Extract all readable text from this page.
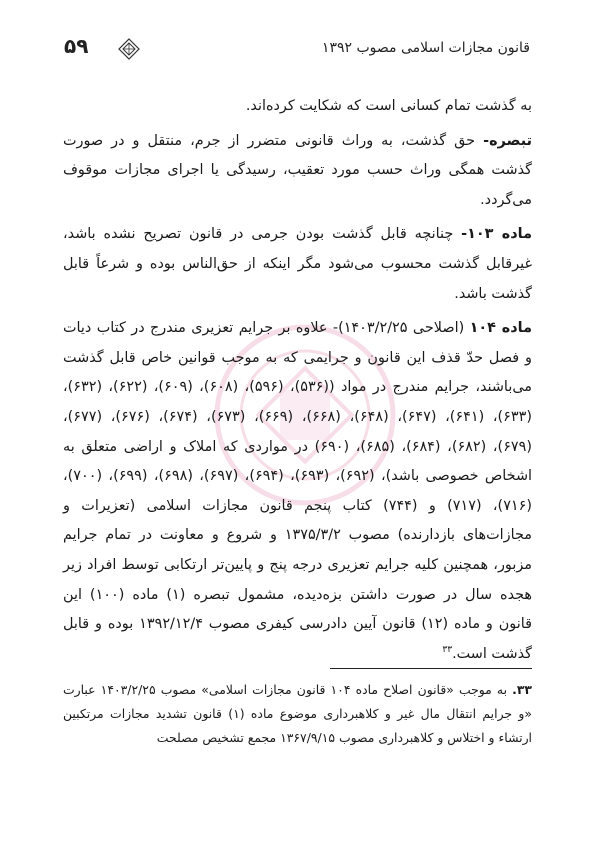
قانون مجازات اسلامی مصوب ۱۳۹۲
۵۹

به گذشت تمام کسانی است که شکایت کرده‌اند.

تبصره- حق گذشت، به وراث قانونی متضرر از جرم، منتقل و در صورت گذشت همگی وراث حسب مورد تعقیب، رسیدگی یا اجرای مجازات موقوف می‌گردد.

ماده ۱۰۳- چنانچه قابل گذشت بودن جرمی در قانون تصریح نشده باشد، غیرقابل گذشت محسوب می‌شود مگر اینکه از حق‌الناس بوده و شرعاً قابل گذشت باشد.

ماده ۱۰۴ (اصلاحی ۱۴۰۳/۲/۲۵)- علاوه بر جرایم تعزیری مندرج در کتاب دیات و فصل حدّ قذف این قانون و جرایمی که به موجب قوانین خاص قابل گذشت می‌باشند، جرایم مندرج در مواد ((۵۳۶)، (۵۹۶)، (۶۰۸)، (۶۰۹)، (۶۲۲)، (۶۳۲)، (۶۳۳)، (۶۴۱)، (۶۴۷)، (۶۴۸)، (۶۶۸)، (۶۶۹)، (۶۷۳)، (۶۷۴)، (۶۷۶)، (۶۷۷)، (۶۷۹)، (۶۸۲)، (۶۸۴)، (۶۸۵)، (۶۹۰) در مواردی که املاک و اراضی متعلق به اشخاص خصوصی باشد)، (۶۹۲)، (۶۹۳)، (۶۹۴)، (۶۹۷)، (۶۹۸)، (۶۹۹)، (۷۰۰)، (۷۱۶)، (۷۱۷) و (۷۴۴) کتاب پنجم قانون مجازات اسلامی (تعزیرات و مجازات‌های بازدارنده) مصوب ۱۳۷۵/۳/۲ و شروع و معاونت در تمام جرایم مزبور، همچنین کلیه جرایم تعزیری درجه پنج و پایین‌تر ارتکابی توسط افراد زیر هجده سال در صورت داشتن بزه‌دیده، مشمول تبصره (۱) ماده (۱۰۰) این قانون و ماده (۱۲) قانون آیین دادرسی کیفری مصوب ۱۳۹۲/۱۲/۴ بوده و قابل گذشت است.$^{۳۳}$

۳۳. به موجب «قانون اصلاح ماده ۱۰۴ قانون مجازات اسلامی» مصوب ۱۴۰۳/۲/۲۵ عبارت «و جرایم انتقال مال غیر و کلاهبرداری موضوع ماده (۱) قانون تشدید مجازات مرتکبین ارتشاء و اختلاس و کلاهبرداری مصوب ۱۳۶۷/۹/۱۵ مجمع تشخیص مصلحت
